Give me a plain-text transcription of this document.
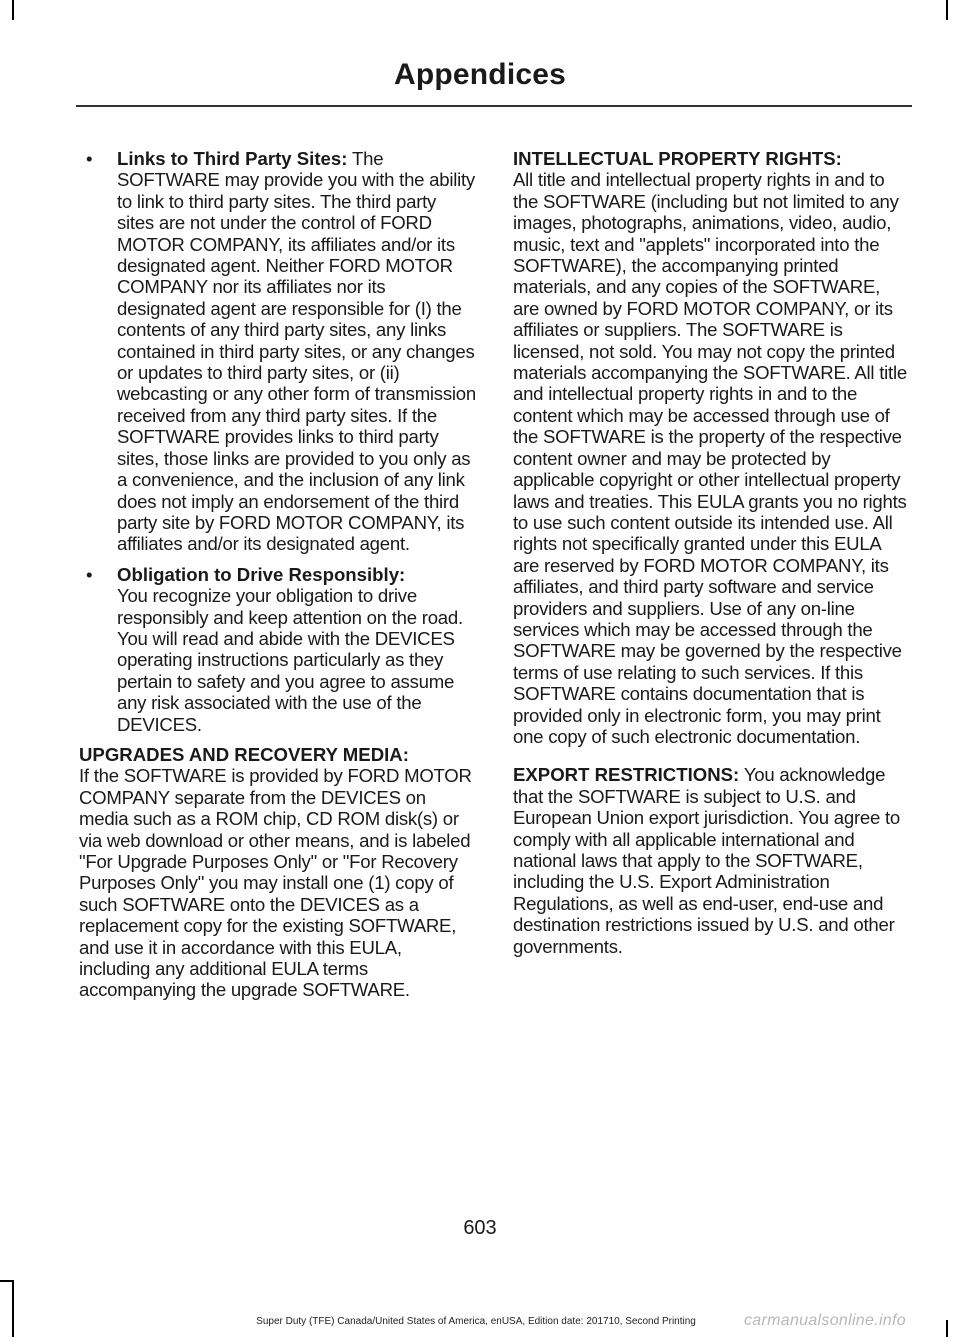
Appendices
• Links to Third Party Sites: The SOFTWARE may provide you with the ability to link to third party sites. The third party sites are not under the control of FORD MOTOR COMPANY, its affiliates and/or its designated agent. Neither FORD MOTOR COMPANY nor its affiliates nor its designated agent are responsible for (I) the contents of any third party sites, any links contained in third party sites, or any changes or updates to third party sites, or (ii) webcasting or any other form of transmission received from any third party sites. If the SOFTWARE provides links to third party sites, those links are provided to you only as a convenience, and the inclusion of any link does not imply an endorsement of the third party site by FORD MOTOR COMPANY, its affiliates and/or its designated agent.
• Obligation to Drive Responsibly:
You recognize your obligation to drive responsibly and keep attention on the road. You will read and abide with the DEVICES operating instructions particularly as they pertain to safety and you agree to assume any risk associated with the use of the DEVICES.

UPGRADES AND RECOVERY MEDIA:
If the SOFTWARE is provided by FORD MOTOR COMPANY separate from the DEVICES on media such as a ROM chip, CD ROM disk(s) or via web download or other means, and is labeled "For Upgrade Purposes Only" or "For Recovery Purposes Only" you may install one (1) copy of such SOFTWARE onto the DEVICES as a replacement copy for the existing SOFTWARE, and use it in accordance with this EULA, including any additional EULA terms accompanying the upgrade SOFTWARE.

INTELLECTUAL PROPERTY RIGHTS:
All title and intellectual property rights in and to the SOFTWARE (including but not limited to any images, photographs, animations, video, audio, music, text and "applets" incorporated into the SOFTWARE), the accompanying printed materials, and any copies of the SOFTWARE, are owned by FORD MOTOR COMPANY, or its affiliates or suppliers. The SOFTWARE is licensed, not sold. You may not copy the printed materials accompanying the SOFTWARE. All title and intellectual property rights in and to the content which may be accessed through use of the SOFTWARE is the property of the respective content owner and may be protected by applicable copyright or other intellectual property laws and treaties. This EULA grants you no rights to use such content outside its intended use. All rights not specifically granted under this EULA are reserved by FORD MOTOR COMPANY, its affiliates, and third party software and service providers and suppliers. Use of any on-line services which may be accessed through the SOFTWARE may be governed by the respective terms of use relating to such services. If this SOFTWARE contains documentation that is provided only in electronic form, you may print one copy of such electronic documentation.

EXPORT RESTRICTIONS: You acknowledge that the SOFTWARE is subject to U.S. and European Union export jurisdiction. You agree to comply with all applicable international and national laws that apply to the SOFTWARE, including the U.S. Export Administration Regulations, as well as end-user, end-use and destination restrictions issued by U.S. and other governments.

603
Super Duty (TFE) Canada/United States of America, enUSA, Edition date: 201710, Second Printing	carmanualsonline.info
